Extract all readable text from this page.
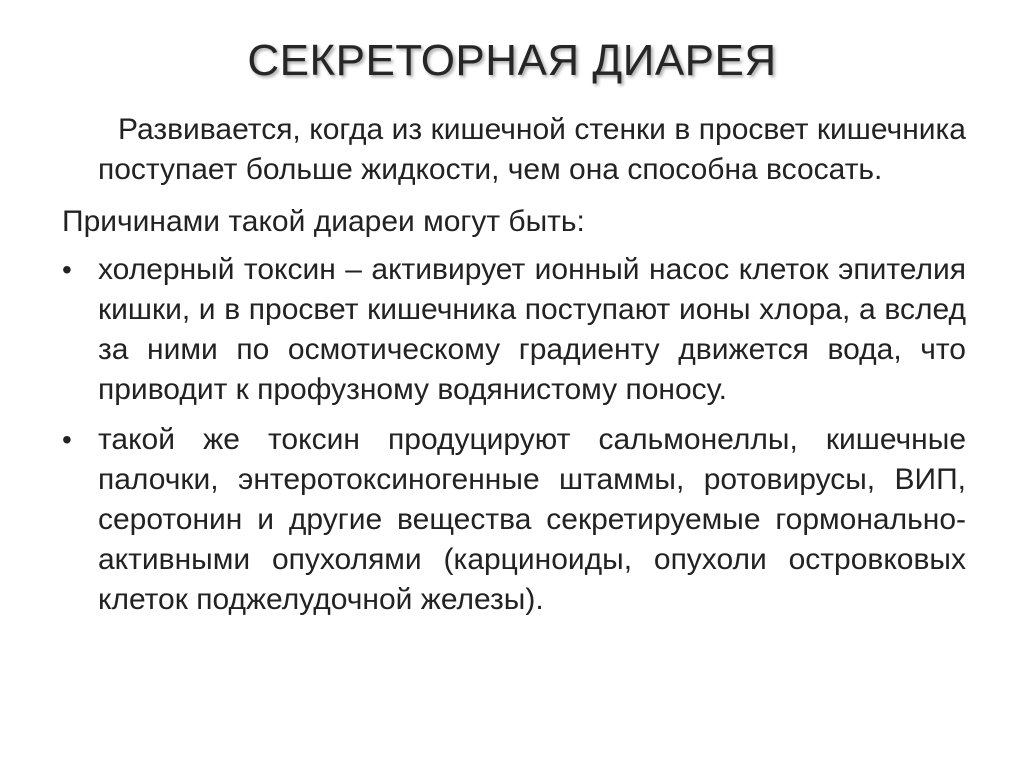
СЕКРЕТОРНАЯ ДИАРЕЯ

Развивается, когда из кишечной стенки в просвет кишечника поступает больше жидкости, чем она способна всосать.

Причинами такой диареи могут быть:

• холерный токсин – активирует ионный насос клеток эпителия кишки, и в просвет кишечника поступают ионы хлора, а вслед за ними по осмотическому градиенту движется вода, что приводит к профузному водянистому поносу.
• такой же токсин продуцируют сальмонеллы, кишечные палочки, энтеротоксиногенные штаммы, ротовирусы, ВИП, серотонин и другие вещества секретируемые гормонально-активными опухолями (карциноиды, опухоли островковых клеток поджелудочной железы).
